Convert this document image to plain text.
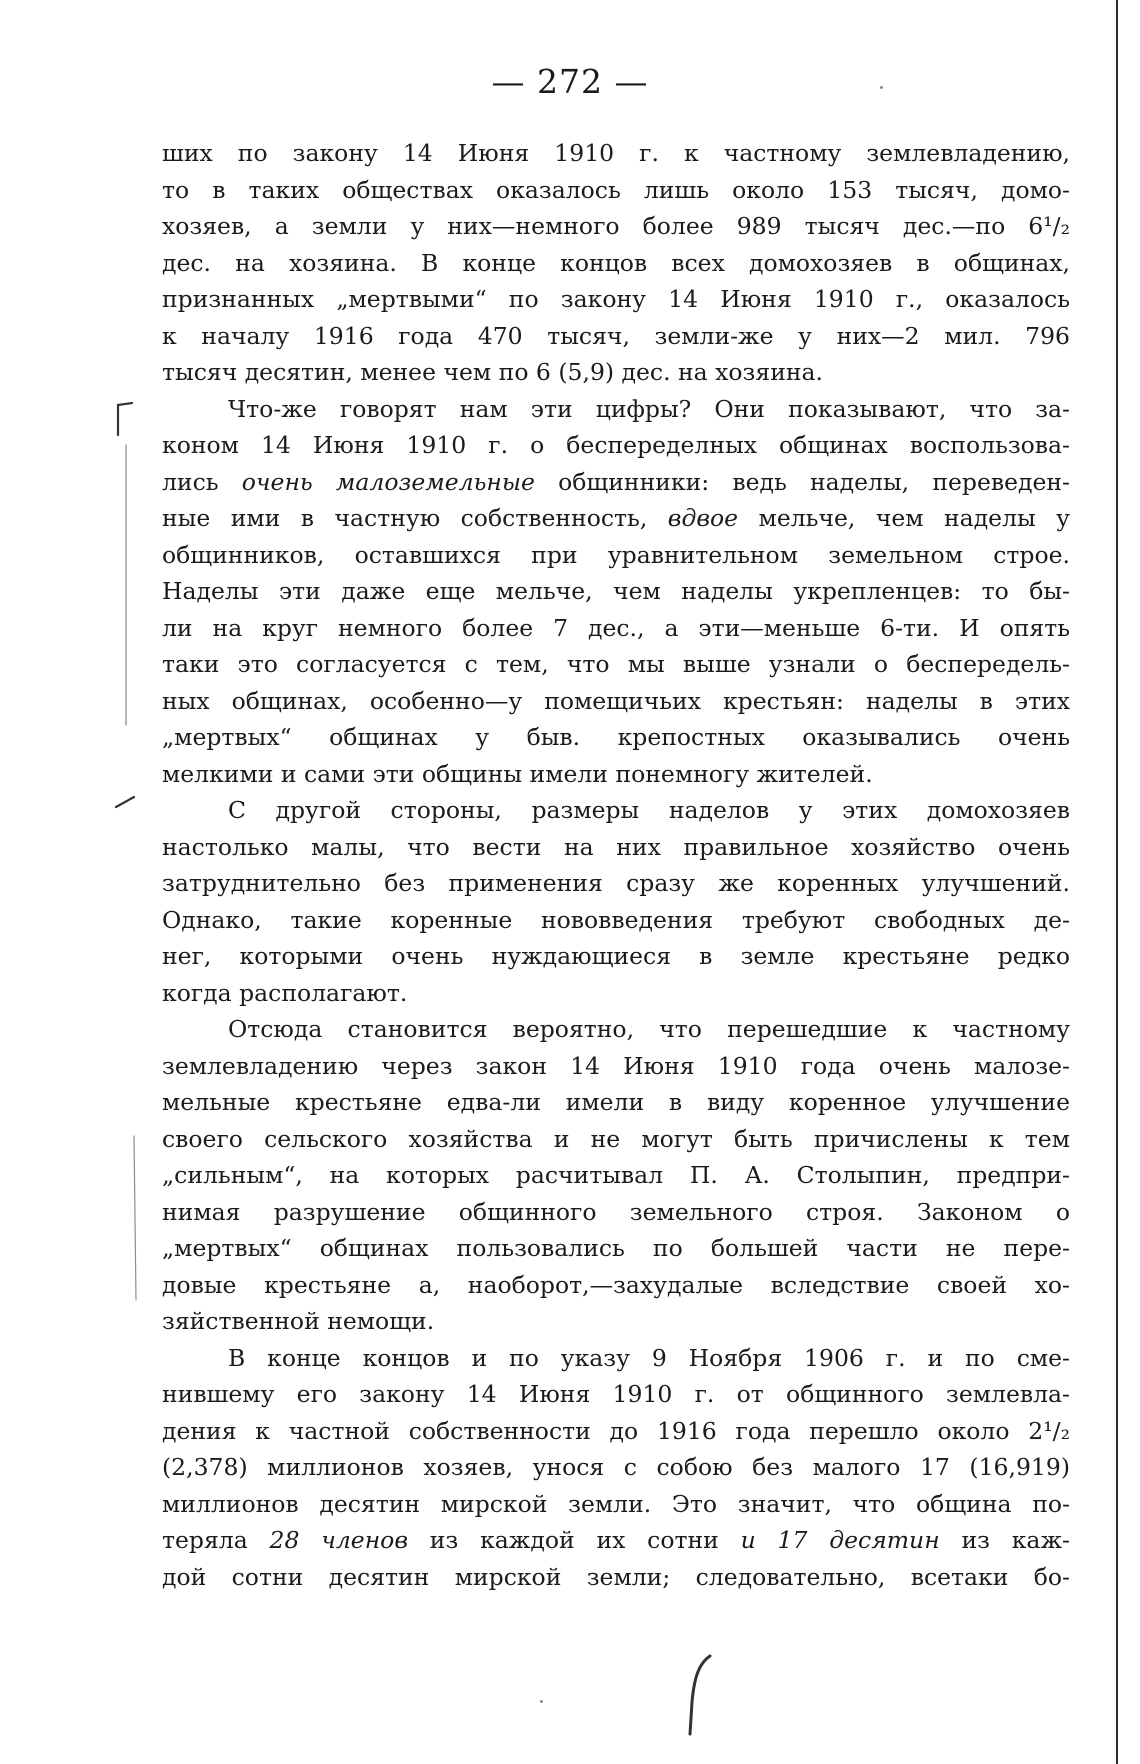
— 272 —
ших по закону 14 Июня 1910 г. к частному землевладению,
то в таких обществах оказалось лишь около 153 тысяч, домо-
хозяев, а земли у них—немного более 989 тысяч дес.—по 6¹/₂
дес. на хозяина. В конце концов всех домохозяев в общинах,
признанных „мертвыми“ по закону 14 Июня 1910 г., оказалось
к началу 1916 года 470 тысяч, земли-же у них—2 мил. 796
тысяч десятин, менее чем по 6 (5,9) дес. на хозяина.
Что-же говорят нам эти цифры? Они показывают, что за-
коном 14 Июня 1910 г. о беспеределных общинах воспользова-
лись очень малоземельные общинники: ведь наделы, переведен-
ные ими в частную собственность, вдвое мельче, чем наделы у
общинников, оставшихся при уравнительном земельном строе.
Наделы эти даже еще мельче, чем наделы укрепленцев: то бы-
ли на круг немного более 7 дес., а эти—меньше 6-ти. И опять
таки это согласуется с тем, что мы выше узнали о беспередель-
ных общинах, особенно—у помещичьих крестьян: наделы в этих
„мертвых“ общинах у быв. крепостных оказывались очень
мелкими и сами эти общины имели понемногу жителей.
С другой стороны, размеры наделов у этих домохозяев
настолько малы, что вести на них правильное хозяйство очень
затруднительно без применения сразу же коренных улучшений.
Однако, такие коренные нововведения требуют свободных де-
нег, которыми очень нуждающиеся в земле крестьяне редко
когда располагают.
Отсюда становится вероятно, что перешедшие к частному
землевладению через закон 14 Июня 1910 года очень малозе-
мельные крестьяне едва-ли имели в виду коренное улучшение
своего сельского хозяйства и не могут быть причислены к тем
„сильным“, на которых расчитывал П. А. Столыпин, предпри-
нимая разрушение общинного земельного строя. Законом о
„мертвых“ общинах пользовались по большей части не пере-
довые крестьяне а, наоборот,—захудалые вследствие своей хо-
зяйственной немощи.
В конце концов и по указу 9 Ноября 1906 г. и по сме-
нившему его закону 14 Июня 1910 г. от общинного землевла-
дения к частной собственности до 1916 года перешло около 2¹/₂
(2,378) миллионов хозяев, унося с собою без малого 17 (16,919)
миллионов десятин мирской земли. Это значит, что община по-
теряла 28 членов из каждой их сотни и 17 десятин из каж-
дой сотни десятин мирской земли; следовательно, всетаки бо-
